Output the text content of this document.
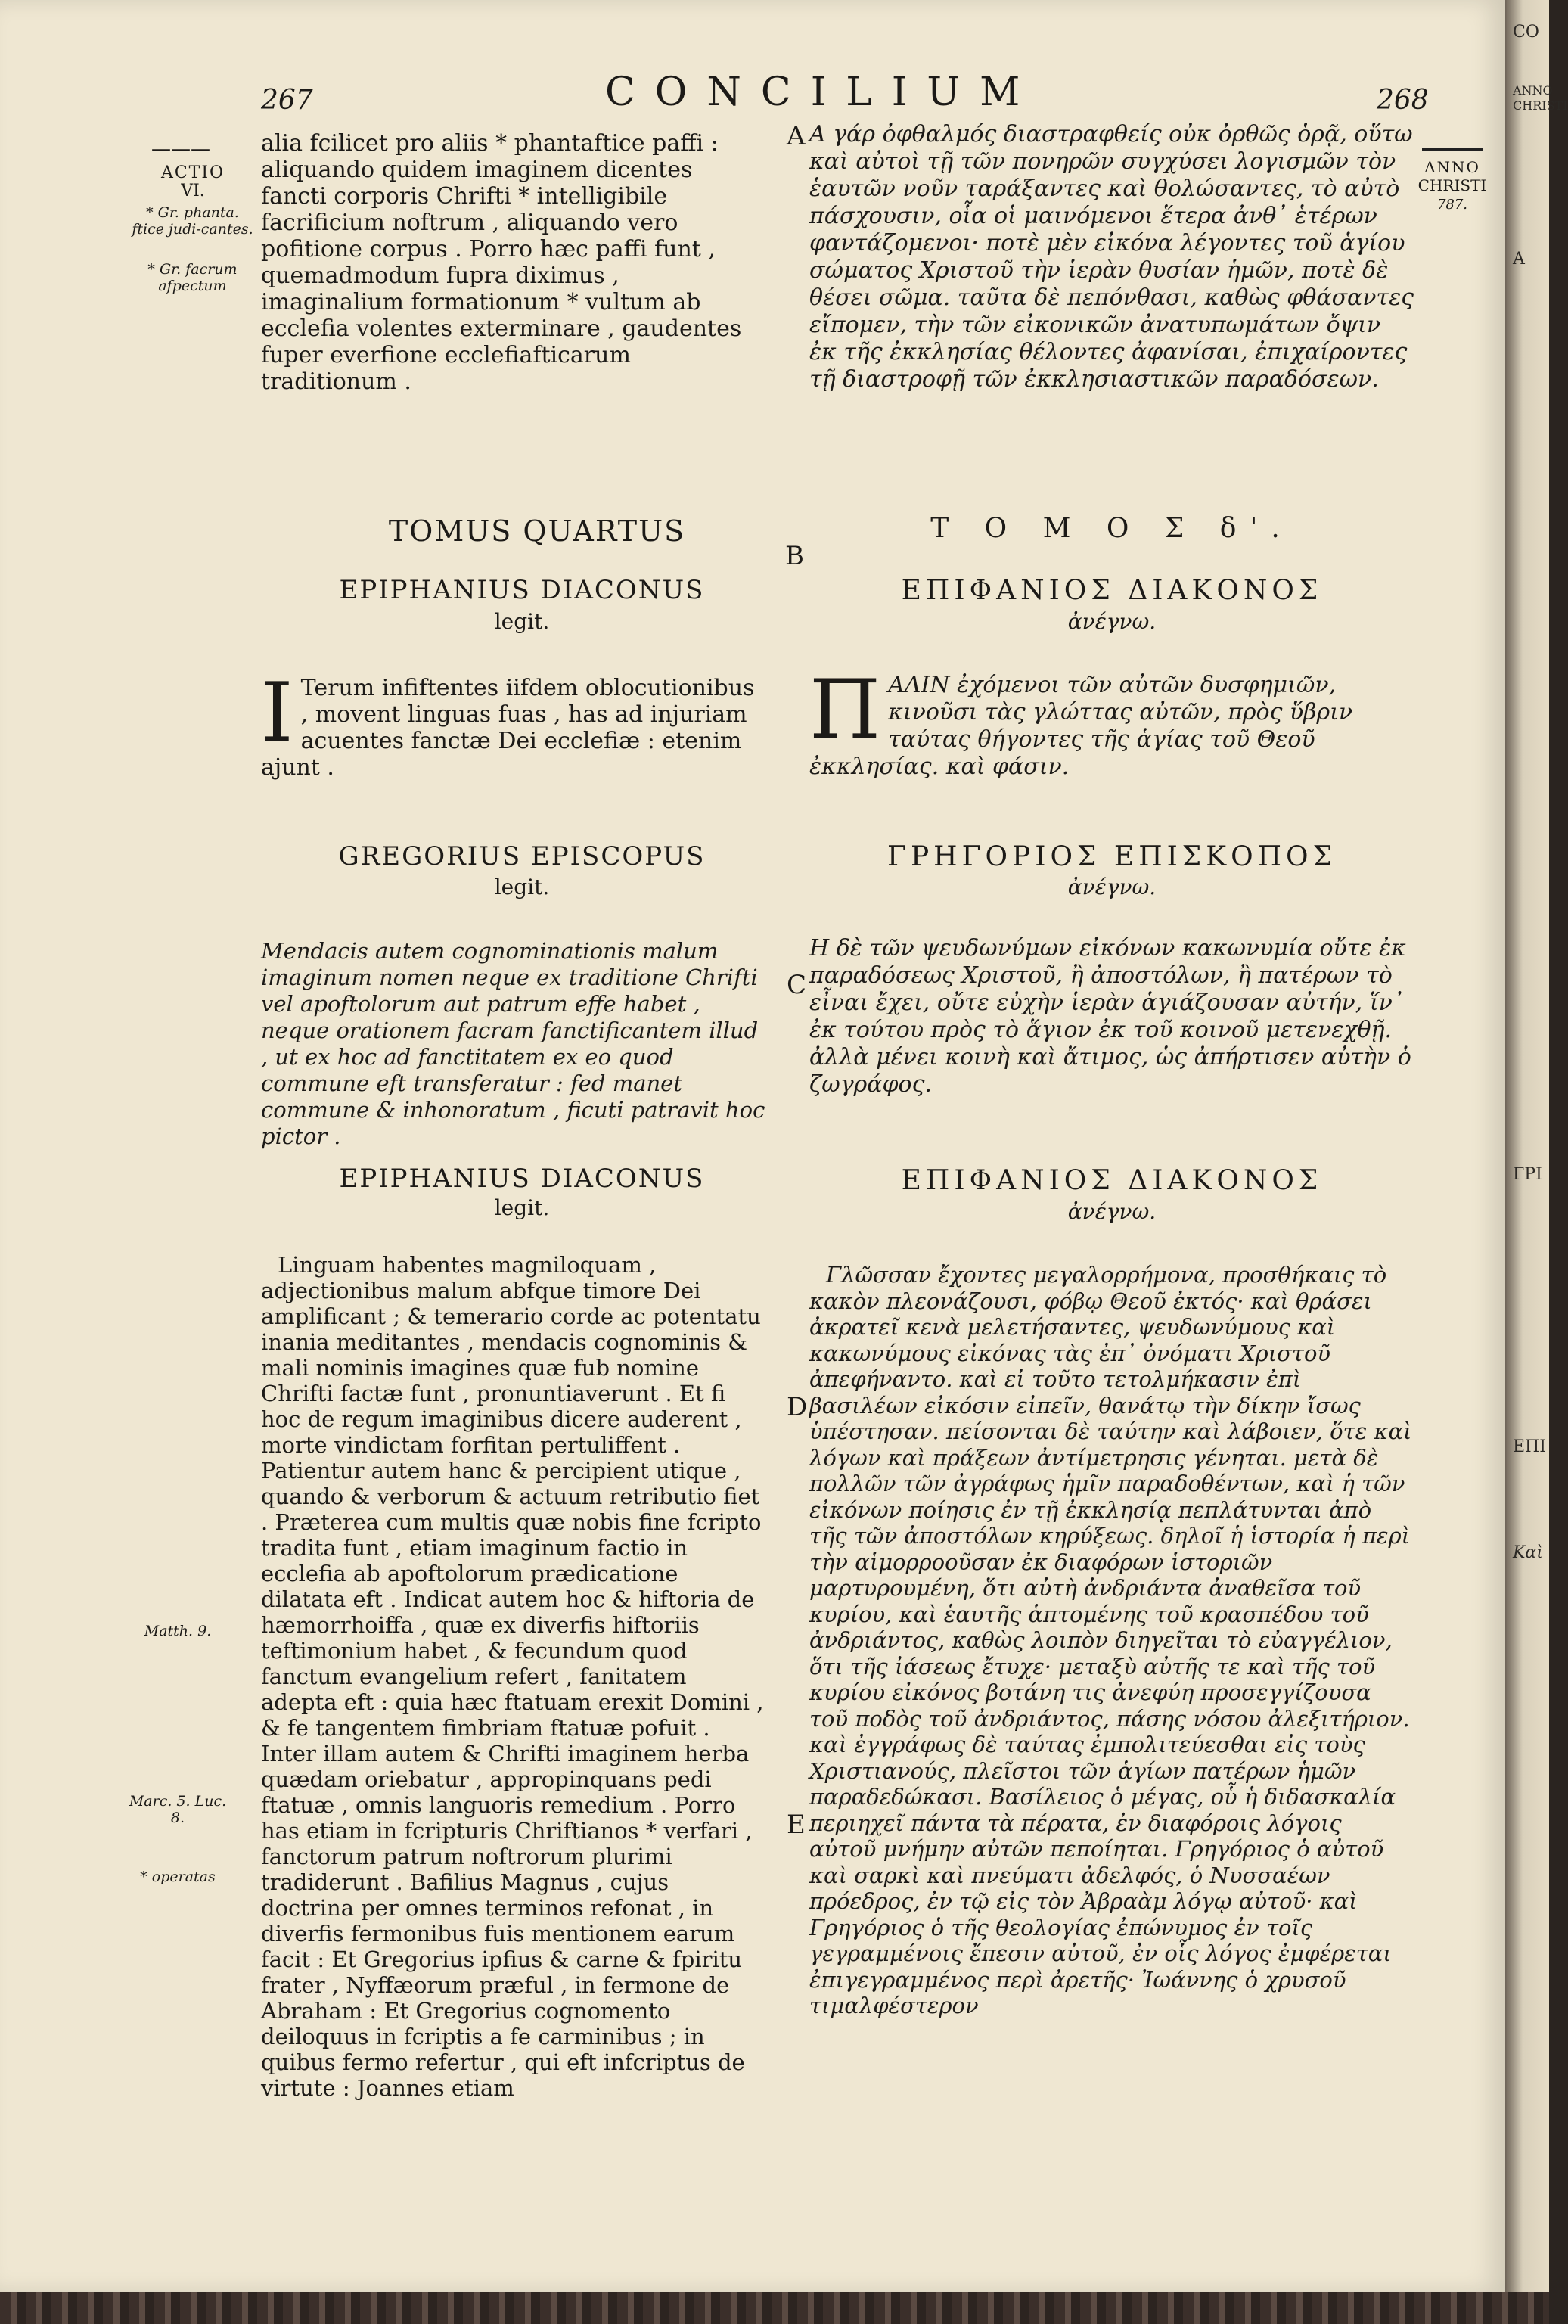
267	CONCILIUM	268
———
ACTIO
VI.
* Gr. phanta. ftice judi-cantes.
* Gr. facrum afpectum
Matth. 9.
Marc. 5. Luc. 8.
* operatas
ANNO
CHRISTI
787.
A
B
C
D
E
alia fcilicet pro aliis * phantaftice paffi : aliquando quidem imaginem dicentes fancti corporis Chrifti * intelligibile facrificium noftrum , aliquando vero pofitione corpus . Porro hæc paffi funt , quemadmodum fupra diximus , imaginalium formationum * vultum ab ecclefia volentes exterminare , gaudentes fuper everfione ecclefiafticarum traditionum .
Α γάρ ὀφθαλμός διαστραφθείς οὐκ ὀρθῶς ὁρᾷ, οὕτω καὶ αὐτοὶ τῇ τῶν πονηρῶν συγχύσει λογισμῶν τὸν ἑαυτῶν νοῦν ταράξαντες καὶ θολώσαντες, τὸ αὐτὸ πάσχουσιν, οἷα οἱ μαινόμενοι ἕτερα ἀνθ᾽ ἑτέρων φαντάζομενοι· ποτὲ μὲν εἰκόνα λέγοντες τοῦ ἁγίου σώματος Χριστοῦ τὴν ἱερὰν θυσίαν ἡμῶν, ποτὲ δὲ θέσει σῶμα. ταῦτα δὲ πεπόνθασι, καθὼς φθάσαντες εἴπομεν, τὴν τῶν εἰκονικῶν ἀνατυπωμάτων ὄψιν ἐκ τῆς ἐκκλησίας θέλοντες ἀφανίσαι, ἐπιχαίροντες τῇ διαστροφῇ τῶν ἐκκλησιαστικῶν παραδόσεων.
TOMUS QUARTUS	Τ Ο Μ Ο Σ δ'.
EPIPHANIUS DIACONUS
legit.
ΕΠΙΦΑΝΙΟΣ ΔΙΑΚΟΝΟΣ
ἀνέγνω.
I Terum infiftentes iifdem oblocutionibus , movent linguas fuas , has ad injuriam acuentes fanctæ Dei ecclefiæ : etenim ajunt .
Π ΑΛΙΝ ἐχόμενοι τῶν αὐτῶν δυσφημιῶν, κινοῦσι τὰς γλώττας αὐτῶν, πρὸς ὕβριν ταύτας θήγοντες τῆς ἁγίας τοῦ Θεοῦ ἐκκλησίας. καὶ φάσιν.
GREGORIUS EPISCOPUS
legit.
ΓΡΗΓΟΡΙΟΣ ΕΠΙΣΚΟΠΟΣ
ἀνέγνω.
Mendacis autem cognominationis malum imaginum nomen neque ex traditione Chrifti vel apoftolorum aut patrum effe habet , neque orationem facram fanctificantem illud , ut ex hoc ad fanctitatem ex eo quod commune eft transferatur : fed manet commune & inhonoratum , ficuti patravit hoc pictor .
Η δὲ τῶν ψευδωνύμων εἰκόνων κακωνυμία οὔτε ἐκ παραδόσεως Χριστοῦ, ἢ ἀποστόλων, ἢ πατέρων τὸ εἶναι ἔχει, οὔτε εὐχὴν ἱερὰν ἁγιάζουσαν αὐτήν, ἵν᾽ ἐκ τούτου πρὸς τὸ ἅγιον ἐκ τοῦ κοινοῦ μετενεχθῇ. ἀλλὰ μένει κοινὴ καὶ ἄτιμος, ὡς ἀπήρτισεν αὐτὴν ὁ ζωγράφος.
EPIPHANIUS DIACONUS
legit.
ΕΠΙΦΑΝΙΟΣ ΔΙΑΚΟΝΟΣ
ἀνέγνω.
Linguam habentes magniloquam , adjectionibus malum abfque timore Dei amplificant ; & temerario corde ac potentatu inania meditantes , mendacis cognominis & mali nominis imagines quæ fub nomine Chrifti factæ funt , pronuntiaverunt . Et fi hoc de regum imaginibus dicere auderent , morte vindictam forfitan pertuliffent . Patientur autem hanc & percipient utique , quando & verborum & actuum retributio fiet . Præterea cum multis quæ nobis fine fcripto tradita funt , etiam imaginum factio in ecclefia ab apoftolorum prædicatione dilatata eft . Indicat autem hoc & hiftoria de hæmorrhoiffa , quæ ex diverfis hiftoriis teftimonium habet , & fecundum quod fanctum evangelium refert , fanitatem adepta eft : quia hæc ftatuam erexit Domini , & fe tangentem fimbriam ftatuæ pofuit . Inter illam autem & Chrifti imaginem herba quædam oriebatur , appropinquans pedi ftatuæ , omnis languoris remedium . Porro has etiam in fcripturis Chriftianos * verfari , fanctorum patrum noftrorum plurimi tradiderunt . Bafilius Magnus , cujus doctrina per omnes terminos refonat , in diverfis fermonibus fuis mentionem earum facit : Et Gregorius ipfius & carne & fpiritu frater , Nyffæorum præful , in fermone de Abraham : Et Gregorius cognomento deiloquus in fcriptis a fe carminibus ; in quibus fermo refertur , qui eft infcriptus de virtute : Joannes etiam
Γλῶσσαν ἔχοντες μεγαλορρήμονα, προσθήκαις τὸ κακὸν πλεονάζουσι, φόβῳ Θεοῦ ἐκτός· καὶ θράσει ἀκρατεῖ κενὰ μελετήσαντες, ψευδωνύμους καὶ κακωνύμους εἰκόνας τὰς ἐπ᾽ ὀνόματι Χριστοῦ ἀπεφήναντο. καὶ εἰ τοῦτο τετολμήκασιν ἐπὶ βασιλέων εἰκόσιν εἰπεῖν, θανάτῳ τὴν δίκην ἴσως ὑπέστησαν. πείσονται δὲ ταύτην καὶ λάβοιεν, ὅτε καὶ λόγων καὶ πράξεων ἀντίμετρησις γένηται. μετὰ δὲ πολλῶν τῶν ἀγράφως ἡμῖν παραδοθέντων, καὶ ἡ τῶν εἰκόνων ποίησις ἐν τῇ ἐκκλησίᾳ πεπλάτυνται ἀπὸ τῆς τῶν ἀποστόλων κηρύξεως. δηλοῖ ἡ ἱστορία ἡ περὶ τὴν αἱμορροοῦσαν ἐκ διαφόρων ἱστοριῶν μαρτυρουμένη, ὅτι αὐτὴ ἀνδριάντα ἀναθεῖσα τοῦ κυρίου, καὶ ἑαυτῆς ἁπτομένης τοῦ κρασπέδου τοῦ ἀνδριάντος, καθὼς λοιπὸν διηγεῖται τὸ εὐαγγέλιον, ὅτι τῆς ἰάσεως ἔτυχε· μεταξὺ αὐτῆς τε καὶ τῆς τοῦ κυρίου εἰκόνος βοτάνη τις ἀνεφύη προσεγγίζουσα τοῦ ποδὸς τοῦ ἀνδριάντος, πάσης νόσου ἀλεξιτήριον. καὶ ἐγγράφως δὲ ταύτας ἐμπολιτεύεσθαι εἰς τοὺς Χριστιανούς, πλεῖστοι τῶν ἁγίων πατέρων ἡμῶν παραδεδώκασι. Βασίλειος ὁ μέγας, οὗ ἡ διδασκαλία περιηχεῖ πάντα τὰ πέρατα, ἐν διαφόροις λόγοις αὐτοῦ μνήμην αὐτῶν πεποίηται. Γρηγόριος ὁ αὐτοῦ καὶ σαρκὶ καὶ πνεύματι ἀδελφός, ὁ Νυσσαέων πρόεδρος, ἐν τῷ εἰς τὸν Ἀβραὰμ λόγῳ αὐτοῦ· καὶ Γρηγόριος ὁ τῆς θεολογίας ἐπώνυμος ἐν τοῖς γεγραμμένοις ἔπεσιν αὐτοῦ, ἐν οἷς λόγος ἐμφέρεται ἐπιγεγραμμένος περὶ ἀρετῆς· Ἰωάννης ὁ χρυσοῦ τιμαλφέστερον
CO
ANNO
CHRISTI
A
ΓΡΙ
ΕΠΙ
Καὶ
